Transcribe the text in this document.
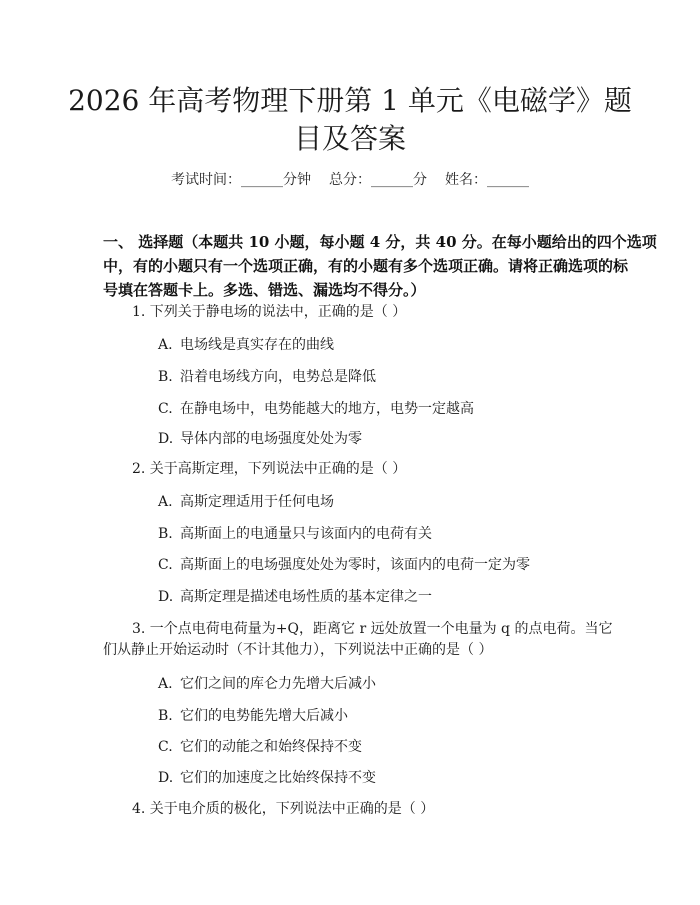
2026 年高考物理下册第 1 单元《电磁学》题
目及答案
考试时间：______分钟 总分：______分 姓名：______
一、 选择题（本题共 10 小题，每小题 4 分，共 40 分。在每小题给出的四个选项
中，有的小题只有一个选项正确，有的小题有多个选项正确。请将正确选项的标
号填在答题卡上。多选、错选、漏选均不得分。）
1. 下列关于静电场的说法中，正确的是（ ）
A. 电场线是真实存在的曲线
B. 沿着电场线方向，电势总是降低
C. 在静电场中，电势能越大的地方，电势一定越高
D. 导体内部的电场强度处处为零
2. 关于高斯定理，下列说法中正确的是（ ）
A. 高斯定理适用于任何电场
B. 高斯面上的电通量只与该面内的电荷有关
C. 高斯面上的电场强度处处为零时，该面内的电荷一定为零
D. 高斯定理是描述电场性质的基本定律之一
3. 一个点电荷电荷量为+Q，距离它 r 远处放置一个电量为 q 的点电荷。当它
们从静止开始运动时（不计其他力），下列说法中正确的是（ ）
A. 它们之间的库仑力先增大后减小
B. 它们的电势能先增大后减小
C. 它们的动能之和始终保持不变
D. 它们的加速度之比始终保持不变
4. 关于电介质的极化，下列说法中正确的是（ ）
